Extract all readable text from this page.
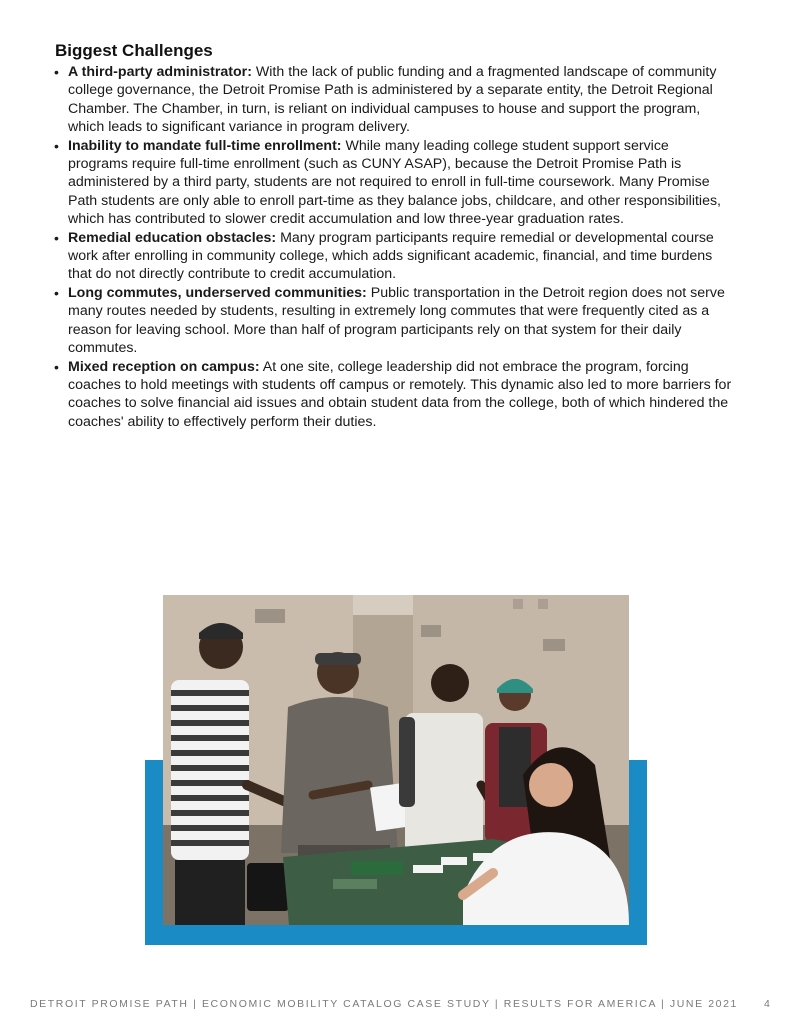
Biggest Challenges
• A third-party administrator: With the lack of public funding and a fragmented landscape of community college governance, the Detroit Promise Path is administered by a separate entity, the Detroit Regional Chamber. The Chamber, in turn, is reliant on individual campuses to house and support the program, which leads to significant variance in program delivery.
• Inability to mandate full-time enrollment: While many leading college student support service programs require full-time enrollment (such as CUNY ASAP), because the Detroit Promise Path is administered by a third party, students are not required to enroll in full-time coursework. Many Promise Path students are only able to enroll part-time as they balance jobs, childcare, and other responsibilities, which has contributed to slower credit accumulation and low three-year graduation rates.
• Remedial education obstacles: Many program participants require remedial or developmental course work after enrolling in community college, which adds significant academic, financial, and time burdens that do not directly contribute to credit accumulation.
• Long commutes, underserved communities: Public transportation in the Detroit region does not serve many routes needed by students, resulting in extremely long commutes that were frequently cited as a reason for leaving school. More than half of program participants rely on that system for their daily commutes.
• Mixed reception on campus: At one site, college leadership did not embrace the program, forcing coaches to hold meetings with students off campus or remotely. This dynamic also led to more barriers for coaches to solve financial aid issues and obtain student data from the college, both of which hindered the coaches' ability to effectively perform their duties.
DETROIT PROMISE PATH | ECONOMIC MOBILITY CATALOG CASE STUDY | RESULTS FOR AMERICA | JUNE 2021	4
